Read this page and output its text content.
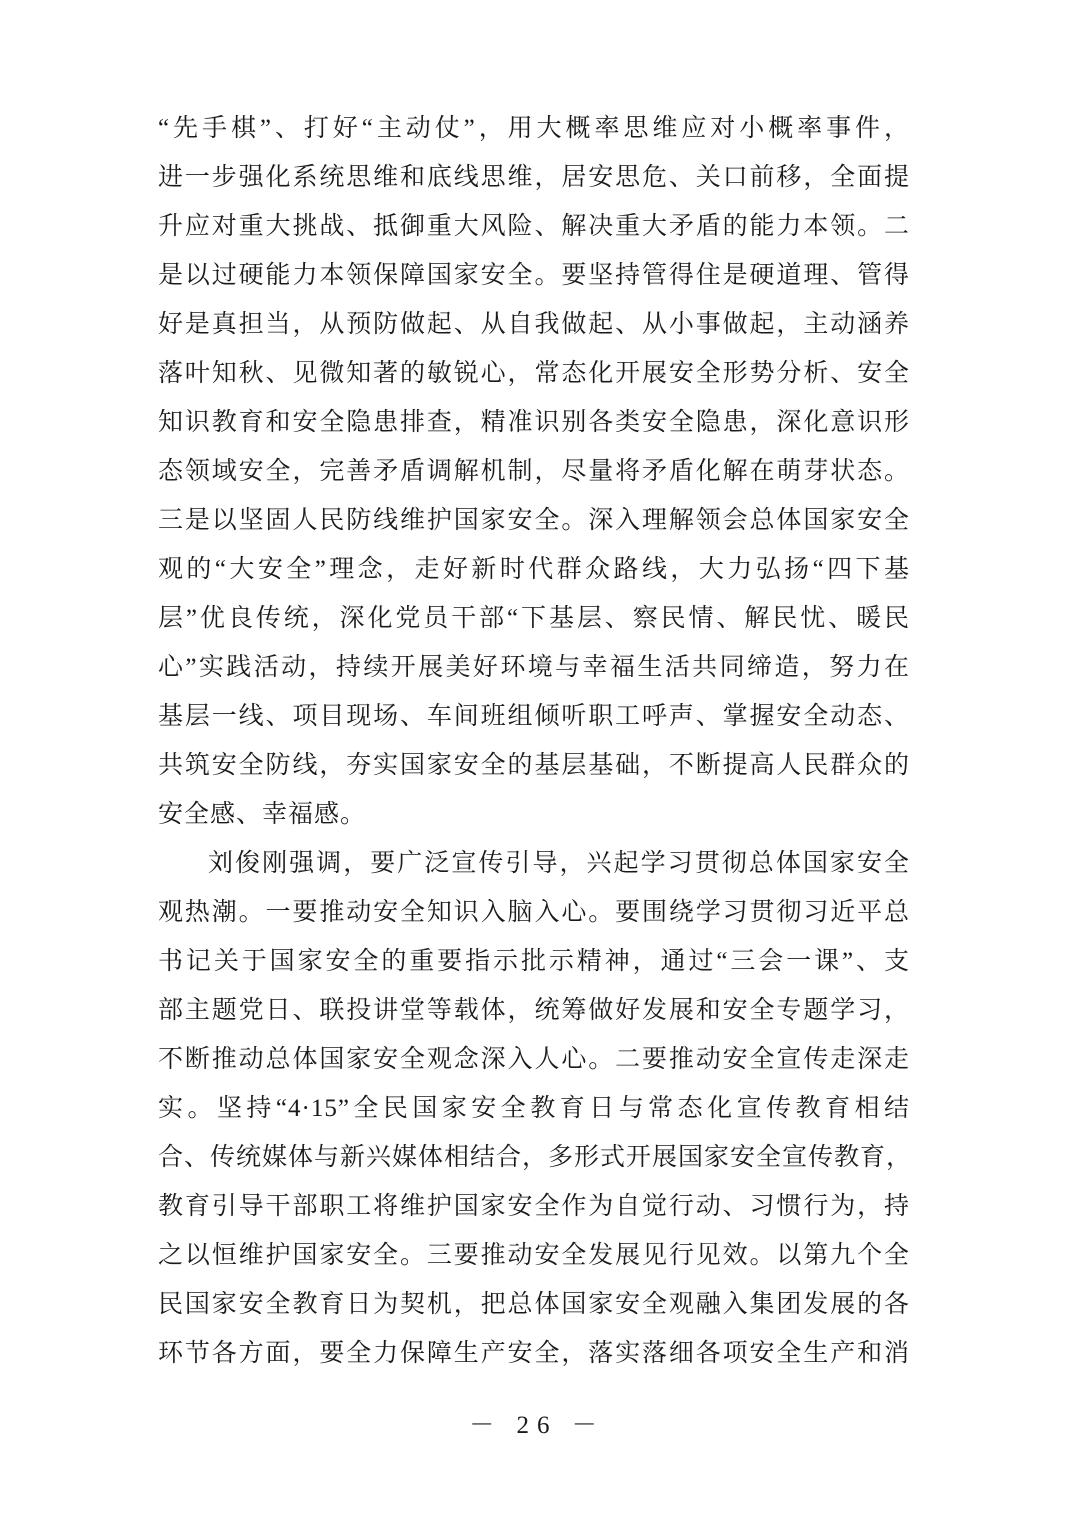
“先手棋”、打好“主动仗”，用大概率思维应对小概率事件，
进一步强化系统思维和底线思维，居安思危、关口前移，全面提
升应对重大挑战、抵御重大风险、解决重大矛盾的能力本领。二
是以过硬能力本领保障国家安全。要坚持管得住是硬道理、管得
好是真担当，从预防做起、从自我做起、从小事做起，主动涵养
落叶知秋、见微知著的敏锐心，常态化开展安全形势分析、安全
知识教育和安全隐患排查，精准识别各类安全隐患，深化意识形
态领域安全，完善矛盾调解机制，尽量将矛盾化解在萌芽状态。
三是以坚固人民防线维护国家安全。深入理解领会总体国家安全
观的“大安全”理念，走好新时代群众路线，大力弘扬“四下基
层”优良传统，深化党员干部“下基层、察民情、解民忧、暖民
心”实践活动，持续开展美好环境与幸福生活共同缔造，努力在
基层一线、项目现场、车间班组倾听职工呼声、掌握安全动态、
共筑安全防线，夯实国家安全的基层基础，不断提高人民群众的
安全感、幸福感。
刘俊刚强调，要广泛宣传引导，兴起学习贯彻总体国家安全
观热潮。一要推动安全知识入脑入心。要围绕学习贯彻习近平总
书记关于国家安全的重要指示批示精神，通过“三会一课”、支
部主题党日、联投讲堂等载体，统筹做好发展和安全专题学习，
不断推动总体国家安全观念深入人心。二要推动安全宣传走深走
实。坚持“4·15”全民国家安全教育日与常态化宣传教育相结
合、传统媒体与新兴媒体相结合，多形式开展国家安全宣传教育，
教育引导干部职工将维护国家安全作为自觉行动、习惯行为，持
之以恒维护国家安全。三要推动安全发展见行见效。以第九个全
民国家安全教育日为契机，把总体国家安全观融入集团发展的各
环节各方面，要全力保障生产安全，落实落细各项安全生产和消
－ 26 －
